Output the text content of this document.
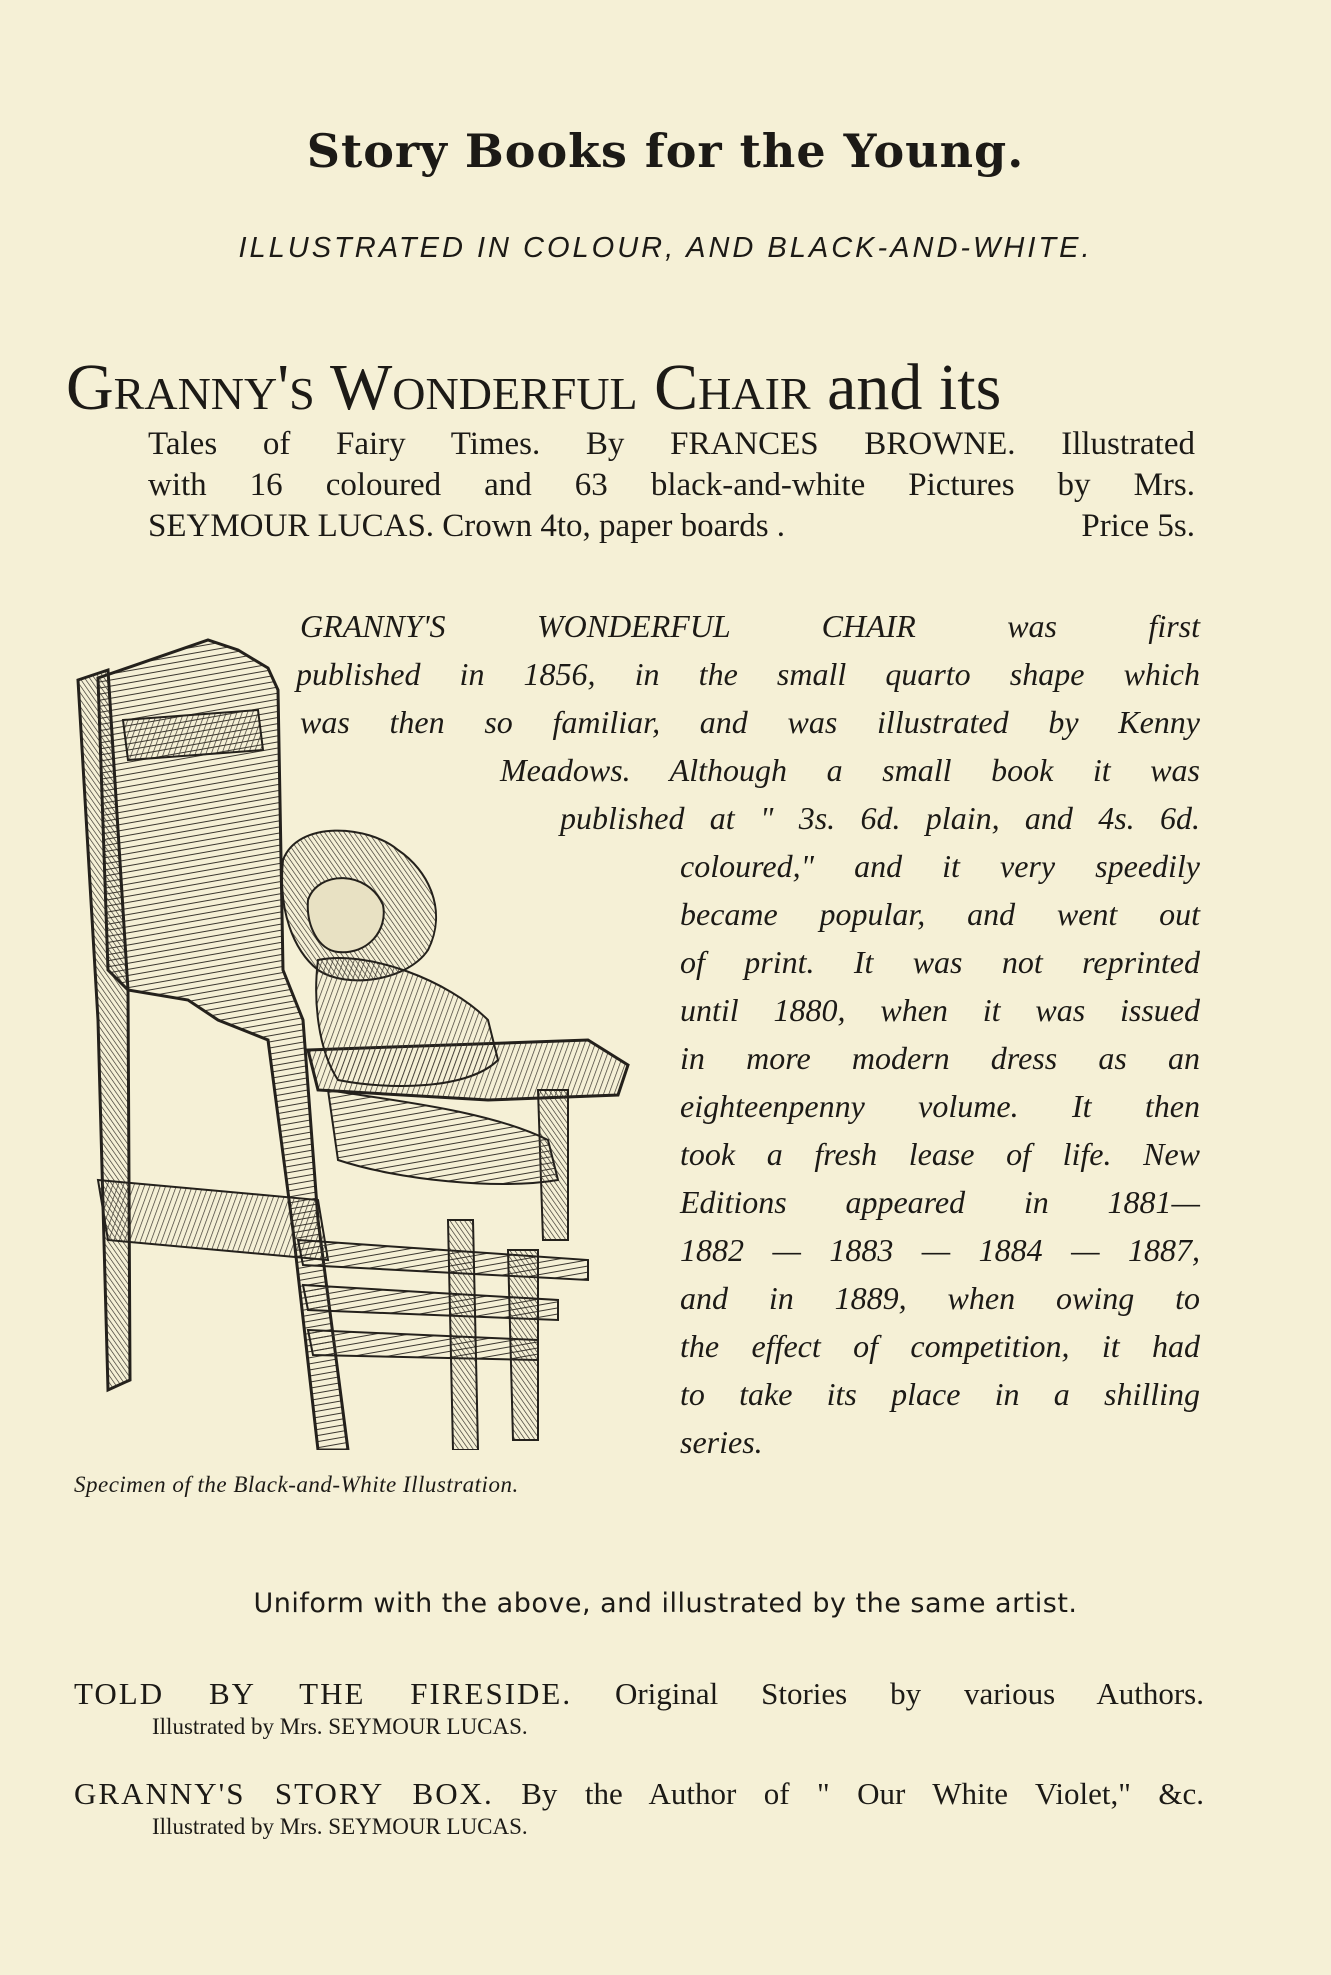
Story Books for the Young.
ILLUSTRATED IN COLOUR, AND BLACK-AND-WHITE.
Granny's Wonderful Chair and its
Tales of Fairy Times. By FRANCES BROWNE. Illustrated
with 16 coloured and 63 black-and-white Pictures by Mrs.
SEYMOUR LUCAS. Crown 4to, paper boards .	Price 5s.
Specimen of the Black-and-White Illustration.
GRANNY'S WONDERFUL CHAIR was first
published in 1856, in the small quarto shape which
was then so familiar, and was illustrated by Kenny
Meadows. Although a small book it was
published at " 3s. 6d. plain, and 4s. 6d.
coloured," and it very speedily
became popular, and went out
of print. It was not reprinted
until 1880, when it was issued
in more modern dress as an
eighteenpenny volume. It then
took a fresh lease of life. New
Editions appeared in 1881—
1882 — 1883 — 1884 — 1887,
and in 1889, when owing to
the effect of competition, it had
to take its place in a shilling
series.
Uniform with the above, and illustrated by the same artist.
TOLD BY THE FIRESIDE. Original Stories by various Authors.
Illustrated by Mrs. SEYMOUR LUCAS.
GRANNY'S STORY BOX. By the Author of " Our White Violet," &c.
Illustrated by Mrs. SEYMOUR LUCAS.
